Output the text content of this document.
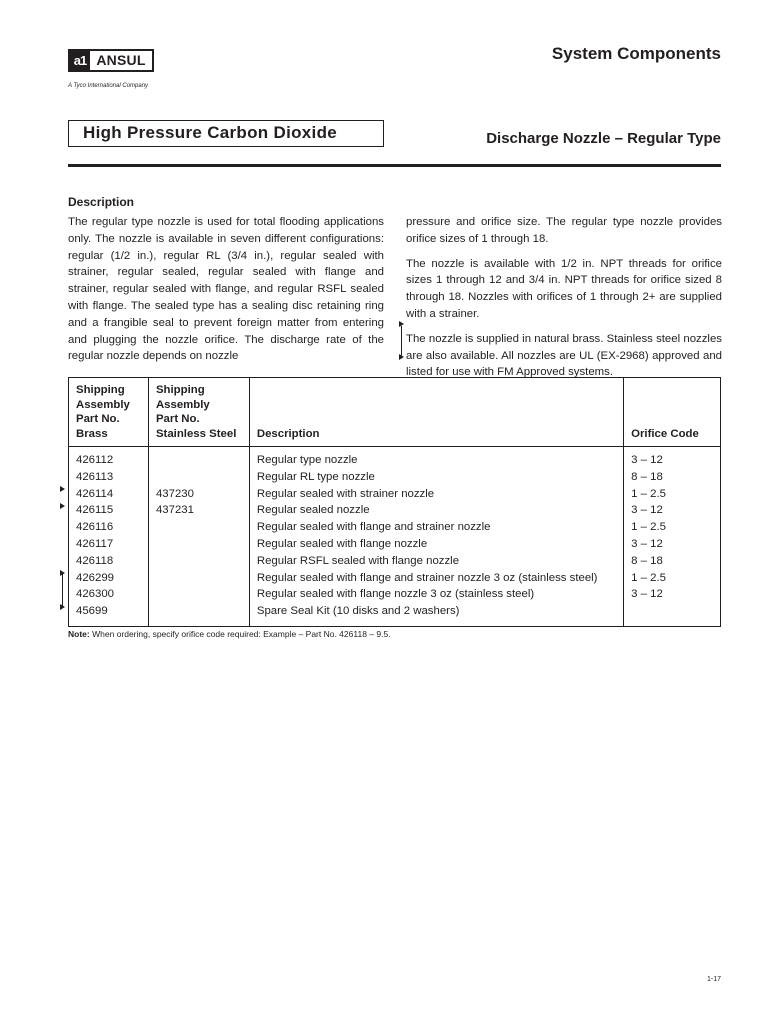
a1 ANSUL
A Tyco International Company
System Components
High Pressure Carbon Dioxide	Discharge Nozzle – Regular Type
Description

The regular type nozzle is used for total flooding applications only. The nozzle is available in seven different configurations: regular (1/2 in.), regular RL (3/4 in.), regular sealed with strainer, regular sealed, regular sealed with flange and strainer, regular sealed with flange, and regular RSFL sealed with flange. The sealed type has a sealing disc retaining ring and a frangible seal to prevent foreign matter from entering and plugging the nozzle orifice. The discharge rate of the regular nozzle depends on nozzle

pressure and orifice size. The regular type nozzle provides orifice sizes of 1 through 18.

The nozzle is available with 1/2 in. NPT threads for orifice sizes 1 through 12 and 3/4 in. NPT threads for orifice sized 8 through 18. Nozzles with orifices of 1 through 2+ are supplied with a strainer.

The nozzle is supplied in natural brass. Stainless steel nozzles are also available. All nozzles are UL (EX-2968) approved and listed for use with FM Approved systems.

Shipping
Assembly
Part No.
Brass	Shipping
Assembly
Part No.
Stainless Steel	Description	Orifice Code
426112		Regular type nozzle	3 – 12
426113		Regular RL type nozzle	8 – 18
426114	437230	Regular sealed with strainer nozzle	1 – 2.5
426115	437231	Regular sealed nozzle	3 – 12
426116		Regular sealed with flange and strainer nozzle	1 – 2.5
426117		Regular sealed with flange nozzle	3 – 12
426118		Regular RSFL sealed with flange nozzle	8 – 18
426299		Regular sealed with flange and strainer nozzle 3 oz (stainless steel)	1 – 2.5
426300		Regular sealed with flange nozzle 3 oz (stainless steel)	3 – 12
45699		Spare Seal Kit (10 disks and 2 washers)	
Note: When ordering, specify orifice code required: Example – Part No. 426118 – 9.5.
1-17
